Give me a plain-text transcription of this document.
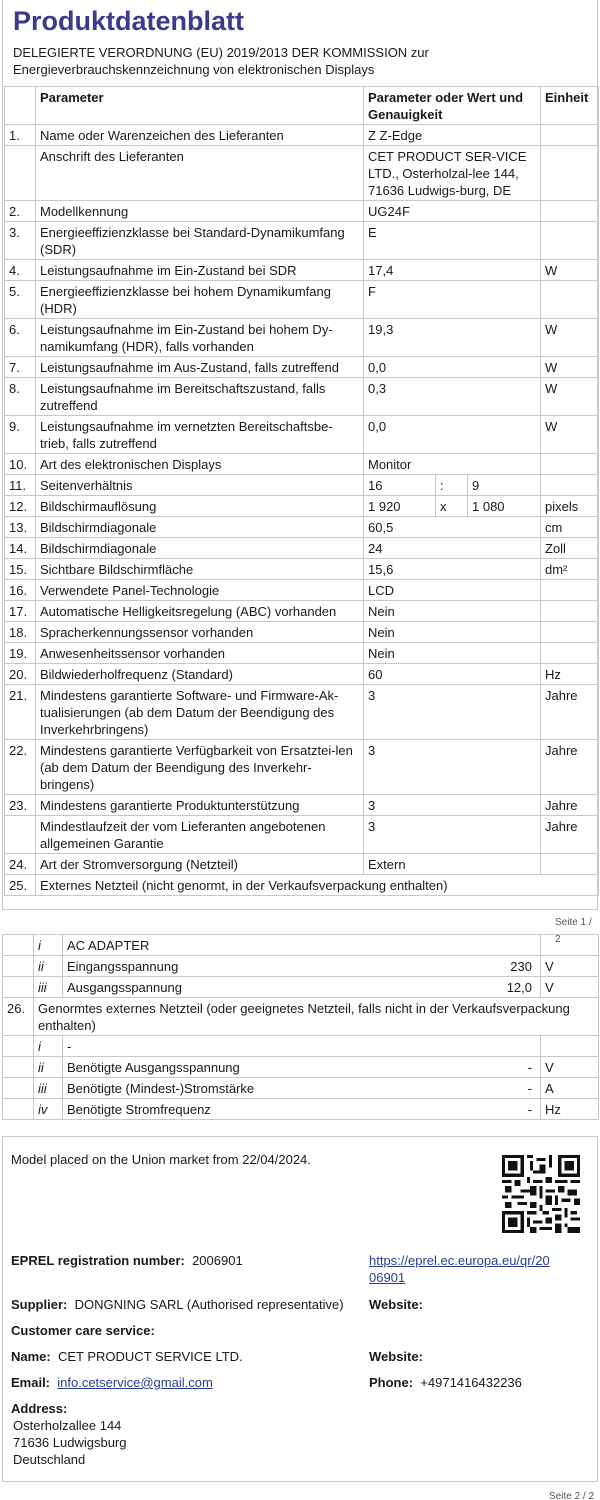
Produktdatenblatt
DELEGIERTE VERORDNUNG (EU) 2019/2013 DER KOMMISSION zur Energieverbrauchskennzeichnung von elektronischen Displays
	Parameter	Parameter oder Wert und Genauigkeit			Einheit
1.	Name oder Warenzeichen des Lieferanten	Z Z-Edge			
	Anschrift des Lieferanten	CET PRODUCT SER-VICE LTD., Osterholzal-lee 144, 71636 Ludwigs-burg, DE			
2.	Modellkennung	UG24F			
3.	Energieeffizienzklasse bei Standard-Dynamikumfang (SDR)	E			
4.	Leistungsaufnahme im Ein-Zustand bei SDR	17,4			W
5.	Energieeffizienzklasse bei hohem Dynamikumfang (HDR)	F			
6.	Leistungsaufnahme im Ein-Zustand bei hohem Dy-namikumfang (HDR), falls vorhanden	19,3			W
7.	Leistungsaufnahme im Aus-Zustand, falls zutreffend	0,0			W
8.	Leistungsaufnahme im Bereitschaftszustand, falls zutreffend	0,3			W
9.	Leistungsaufnahme im vernetzten Bereitschaftsbe-trieb, falls zutreffend	0,0			W
10.	Art des elektronischen Displays	Monitor			
11.	Seitenverhältnis	16	:	9	
12.	Bildschirmauflösung	1 920	x	1 080	pixels
13.	Bildschirmdiagonale	60,5			cm
14.	Bildschirmdiagonale	24			Zoll
15.	Sichtbare Bildschirmfläche	15,6			dm²
16.	Verwendete Panel-Technologie	LCD			
17.	Automatische Helligkeitsregelung (ABC) vorhanden	Nein			
18.	Spracherkennungssensor vorhanden	Nein			
19.	Anwesenheitssensor vorhanden	Nein			
20.	Bildwiederholfrequenz (Standard)	60			Hz
21.	Mindestens garantierte Software- und Firmware-Ak-tualisierungen (ab dem Datum der Beendigung des Inverkehrbringens)	3			Jahre
22.	Mindestens garantierte Verfügbarkeit von Ersatztei-len (ab dem Datum der Beendigung des Inverkehr-bringens)	3			Jahre
23.	Mindestens garantierte Produktunterstützung	3			Jahre
	Mindestlaufzeit der vom Lieferanten angebotenen allgemeinen Garantie	3			Jahre
24.	Art der Stromversorgung (Netzteil)	Extern			
25.	Externes Netzteil (nicht genormt, in der Verkaufsverpackung enthalten)				
Seite 1 / 2
	i	AC ADAPTER

	ii	Eingangsspannung 230	V
	iii	Ausgangsspannung 12,0	V
26.	Genormtes externes Netzteil (oder geeignetes Netzteil, falls nicht in der Verkaufsverpackung enthalten)		
	i	-

	ii	Benötigte Ausgangsspannung -	V
	iii	Benötigte (Mindest-)Stromstärke -	A
	iv	Benötigte Stromfrequenz -	Hz
Model placed on the Union market from 22/04/2024.
EPREL registration number: 2006901	https://eprel.ec.europa.eu/qr/20
06901
Supplier: DONGNING SARL (Authorised representative) Website:
Customer care service:
Name: CET PRODUCT SERVICE LTD.	Website:
Email: info.cetservice@gmail.com	Phone: +4971416432236
Address:
Osterholzallee 144
71636 Ludwigsburg
Deutschland
Seite 2 / 2
